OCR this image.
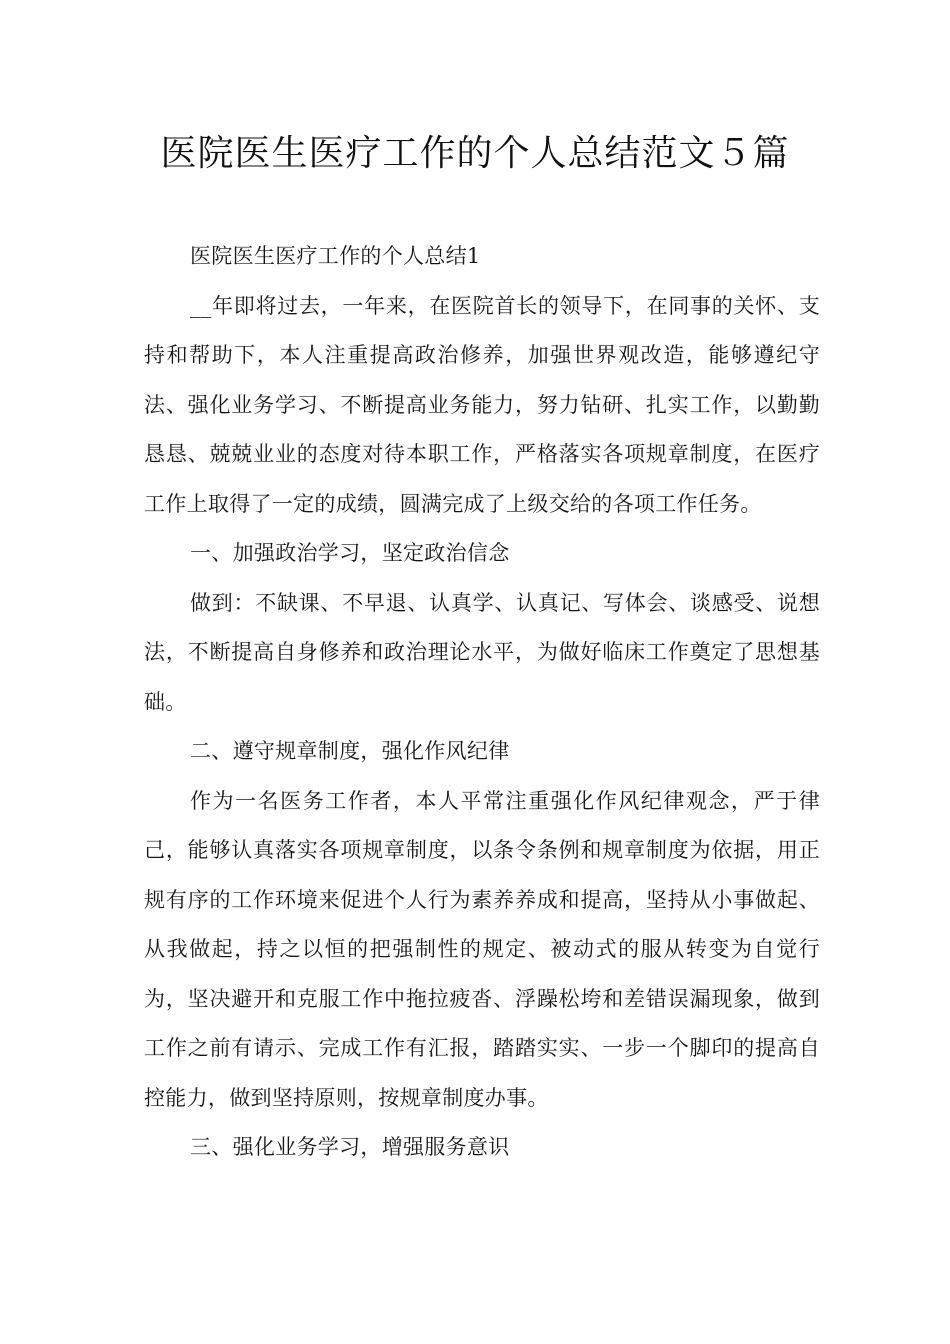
医院医生医疗工作的个人总结范文５篇

医院医生医疗工作的个人总结1

__年即将过去，一年来，在医院首长的领导下，在同事的关怀、支持和帮助下，本人注重提高政治修养，加强世界观改造，能够遵纪守法、强化业务学习、不断提高业务能力，努力钻研、扎实工作，以勤勤恳恳、兢兢业业的态度对待本职工作，严格落实各项规章制度，在医疗工作上取得了一定的成绩，圆满完成了上级交给的各项工作任务。

一、加强政治学习，坚定政治信念

做到：不缺课、不早退、认真学、认真记、写体会、谈感受、说想法，不断提高自身修养和政治理论水平，为做好临床工作奠定了思想基础。

二、遵守规章制度，强化作风纪律

作为一名医务工作者，本人平常注重强化作风纪律观念，严于律己，能够认真落实各项规章制度，以条令条例和规章制度为依据，用正规有序的工作环境来促进个人行为素养养成和提高，坚持从小事做起、从我做起，持之以恒的把强制性的规定、被动式的服从转变为自觉行为，坚决避开和克服工作中拖拉疲沓、浮躁松垮和差错误漏现象，做到工作之前有请示、完成工作有汇报，踏踏实实、一步一个脚印的提高自控能力，做到坚持原则，按规章制度办事。

三、强化业务学习，增强服务意识
